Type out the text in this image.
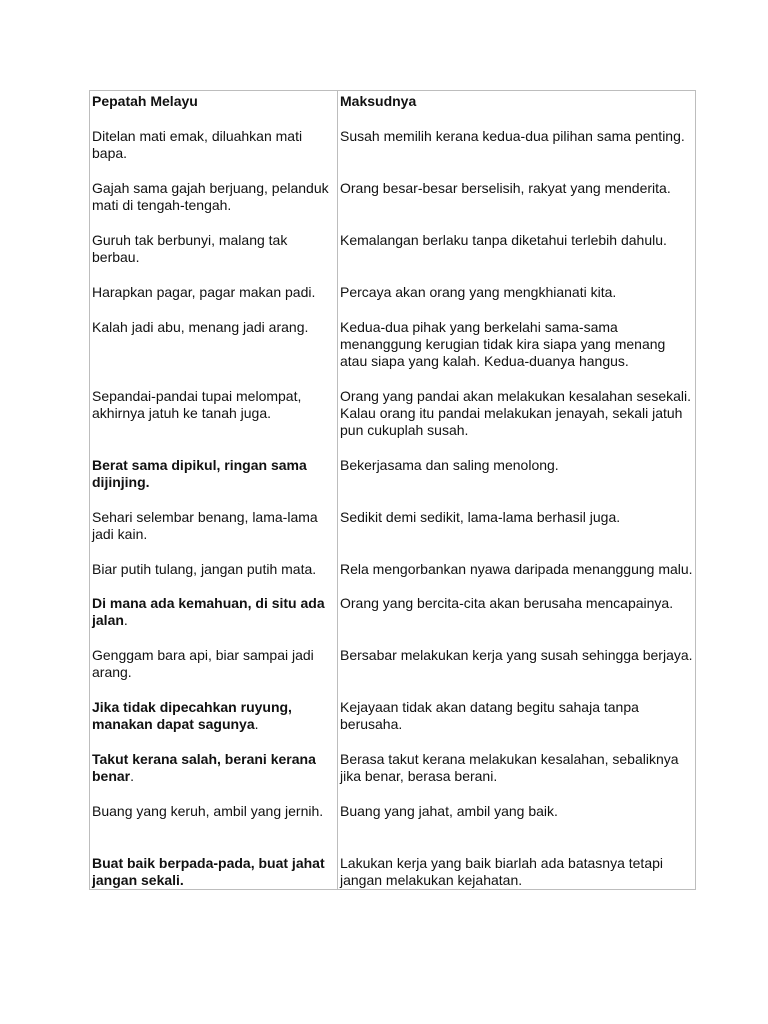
Pepatah Melayu	Maksudnya
Ditelan mati emak, diluahkan mati bapa.	Susah memilih kerana kedua-dua pilihan sama penting.
Gajah sama gajah berjuang, pelanduk mati di tengah-tengah.	Orang besar-besar berselisih, rakyat yang menderita.
Guruh tak berbunyi, malang tak berbau.	Kemalangan berlaku tanpa diketahui terlebih dahulu.
Harapkan pagar, pagar makan padi.	Percaya akan orang yang mengkhianati kita.
Kalah jadi abu, menang jadi arang.	Kedua-dua pihak yang berkelahi sama-sama menanggung kerugian tidak kira siapa yang menang atau siapa yang kalah. Kedua-duanya hangus.
Sepandai-pandai tupai melompat, akhirnya jatuh ke tanah juga.	Orang yang pandai akan melakukan kesalahan sesekali. Kalau orang itu pandai melakukan jenayah, sekali jatuh pun cukuplah susah.
Berat sama dipikul, ringan sama dijinjing.	Bekerjasama dan saling menolong.
Sehari selembar benang, lama-lama jadi kain.	Sedikit demi sedikit, lama-lama berhasil juga.
Biar putih tulang, jangan putih mata.	Rela mengorbankan nyawa daripada menanggung malu.
Di mana ada kemahuan, di situ ada jalan.	Orang yang bercita-cita akan berusaha mencapainya.
Genggam bara api, biar sampai jadi arang.	Bersabar melakukan kerja yang susah sehingga berjaya.
Jika tidak dipecahkan ruyung, manakan dapat sagunya.	Kejayaan tidak akan datang begitu sahaja tanpa berusaha.
Takut kerana salah, berani kerana benar.	Berasa takut kerana melakukan kesalahan, sebaliknya jika benar, berasa berani.
Buang yang keruh, ambil yang jernih.	Buang yang jahat, ambil yang baik.
Buat baik berpada-pada, buat jahat jangan sekali.	Lakukan kerja yang baik biarlah ada batasnya tetapi jangan melakukan kejahatan.
